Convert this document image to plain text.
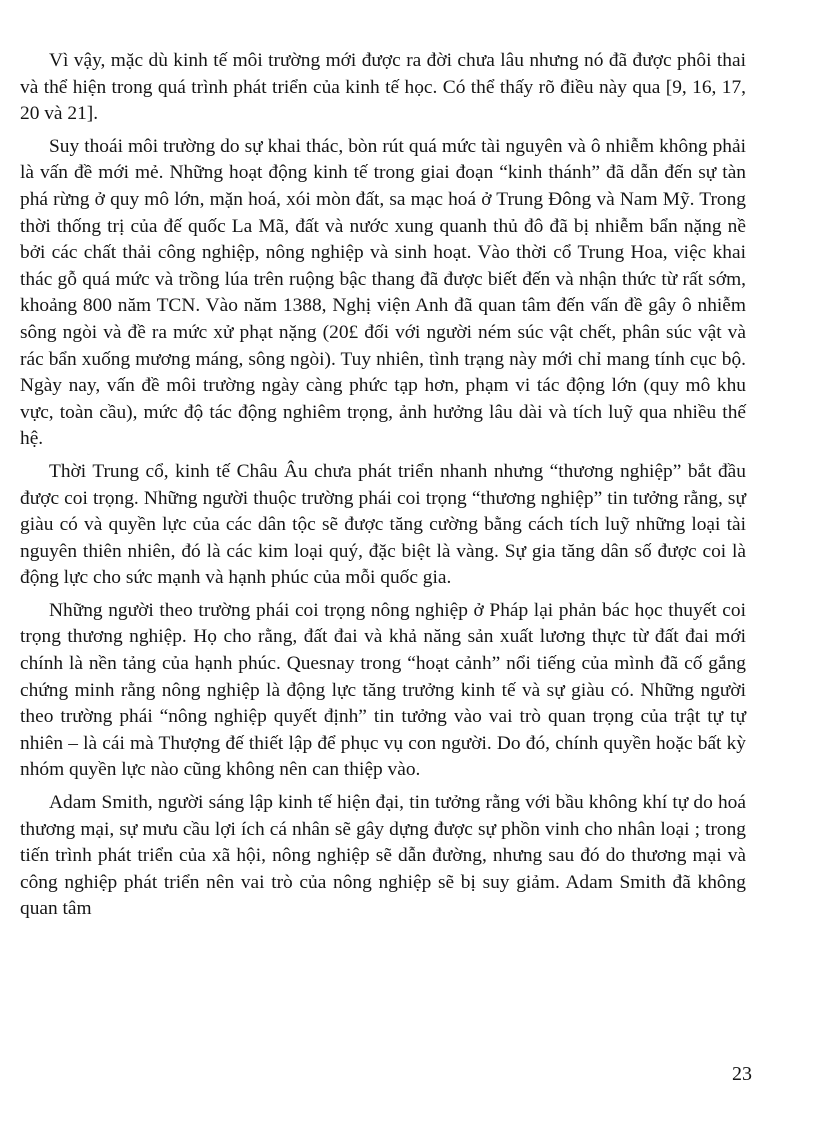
Vì vậy, mặc dù kinh tế môi trường mới được ra đời chưa lâu nhưng nó đã được phôi thai và thể hiện trong quá trình phát triển của kinh tế học. Có thể thấy rõ điều này qua [9, 16, 17, 20 và 21].

Suy thoái môi trường do sự khai thác, bòn rút quá mức tài nguyên và ô nhiễm không phải là vấn đề mới mẻ. Những hoạt động kinh tế trong giai đoạn “kinh thánh” đã dẫn đến sự tàn phá rừng ở quy mô lớn, mặn hoá, xói mòn đất, sa mạc hoá ở Trung Đông và Nam Mỹ. Trong thời thống trị của đế quốc La Mã, đất và nước xung quanh thủ đô đã bị nhiễm bẩn nặng nề bởi các chất thải công nghiệp, nông nghiệp và sinh hoạt. Vào thời cổ Trung Hoa, việc khai thác gỗ quá mức và trồng lúa trên ruộng bậc thang đã được biết đến và nhận thức từ rất sớm, khoảng 800 năm TCN. Vào năm 1388, Nghị viện Anh đã quan tâm đến vấn đề gây ô nhiễm sông ngòi và đề ra mức xử phạt nặng (20£ đối với người ném súc vật chết, phân súc vật và rác bẩn xuống mương máng, sông ngòi). Tuy nhiên, tình trạng này mới chỉ mang tính cục bộ. Ngày nay, vấn đề môi trường ngày càng phức tạp hơn, phạm vi tác động lớn (quy mô khu vực, toàn cầu), mức độ tác động nghiêm trọng, ảnh hưởng lâu dài và tích luỹ qua nhiều thế hệ.

Thời Trung cổ, kinh tế Châu Âu chưa phát triển nhanh nhưng “thương nghiệp” bắt đầu được coi trọng. Những người thuộc trường phái coi trọng “thương nghiệp” tin tưởng rằng, sự giàu có và quyền lực của các dân tộc sẽ được tăng cường bằng cách tích luỹ những loại tài nguyên thiên nhiên, đó là các kim loại quý, đặc biệt là vàng. Sự gia tăng dân số được coi là động lực cho sức mạnh và hạnh phúc của mỗi quốc gia.

Những người theo trường phái coi trọng nông nghiệp ở Pháp lại phản bác học thuyết coi trọng thương nghiệp. Họ cho rằng, đất đai và khả năng sản xuất lương thực từ đất đai mới chính là nền tảng của hạnh phúc. Quesnay trong “hoạt cảnh” nổi tiếng của mình đã cố gắng chứng minh rằng nông nghiệp là động lực tăng trưởng kinh tế và sự giàu có. Những người theo trường phái “nông nghiệp quyết định” tin tưởng vào vai trò quan trọng của trật tự tự nhiên – là cái mà Thượng đế thiết lập để phục vụ con người. Do đó, chính quyền hoặc bất kỳ nhóm quyền lực nào cũng không nên can thiệp vào.

Adam Smith, người sáng lập kinh tế hiện đại, tin tưởng rằng với bầu không khí tự do hoá thương mại, sự mưu cầu lợi ích cá nhân sẽ gây dựng được sự phồn vinh cho nhân loại ; trong tiến trình phát triển của xã hội, nông nghiệp sẽ dẫn đường, nhưng sau đó do thương mại và công nghiệp phát triển nên vai trò của nông nghiệp sẽ bị suy giảm. Adam Smith đã không quan tâm

23
